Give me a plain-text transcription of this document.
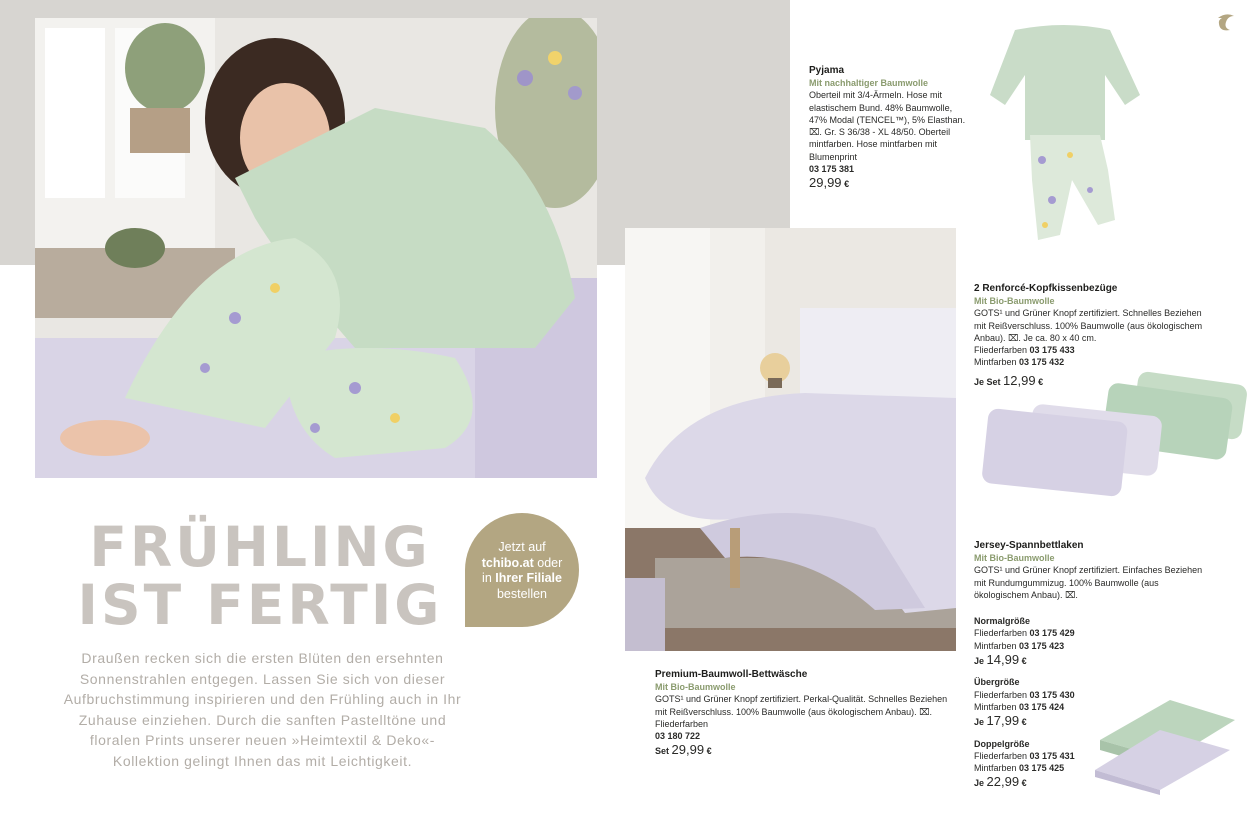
FRÜHLING
IST FERTIG
Draußen recken sich die ersten Blüten den ersehnten Sonnenstrahlen entgegen. Lassen Sie sich von dieser Aufbruchstimmung inspirieren und den Frühling auch in Ihr Zuhause einziehen. Durch die sanften Pastelltöne und floralen Prints unserer neuen »Heimtextil & Deko«-Kollektion gelingt Ihnen das mit Leichtigkeit.
Jetzt auf
tchibo.at oder
in Ihrer Filiale
bestellen
Pyjama
Mit nachhaltiger Baumwolle
Oberteil mit 3/4-Ärmeln. Hose mit elastischem Bund. 48% Baumwolle, 47% Modal (TENCEL™), 5% Elasthan. ⌧. Gr. S 36/38 - XL 48/50. Oberteil mintfarben. Hose mintfarben mit Blumenprint
03 175 381
29,99 €
2 Renforcé-Kopfkissenbezüge
Mit Bio-Baumwolle
GOTS¹ und Grüner Knopf zertifiziert. Schnelles Beziehen mit Reißverschluss. 100% Baumwolle (aus ökologischem Anbau). ⌧. Je ca. 80 x 40 cm.
Fliederfarben 03 175 433
Mintfarben 03 175 432
Je Set 12,99 €
Jersey-Spannbettlaken
Mit Bio-Baumwolle
GOTS¹ und Grüner Knopf zertifiziert. Einfaches Beziehen mit Rundumgummizug. 100% Baumwolle (aus ökologischem Anbau). ⌧.
Normalgröße
Fliederfarben 03 175 429
Mintfarben 03 175 423
Je 14,99 €
Übergröße
Fliederfarben 03 175 430
Mintfarben 03 175 424
Je 17,99 €
Doppelgröße
Fliederfarben 03 175 431
Mintfarben 03 175 425
Je 22,99 €
Premium-Baumwoll-Bettwäsche
Mit Bio-Baumwolle
GOTS¹ und Grüner Knopf zertifiziert. Perkal-Qualität. Schnelles Beziehen mit Reißverschluss. 100% Baumwolle (aus ökologischem Anbau). ⌧.
Fliederfarben
03 180 722
Set 29,99 €
